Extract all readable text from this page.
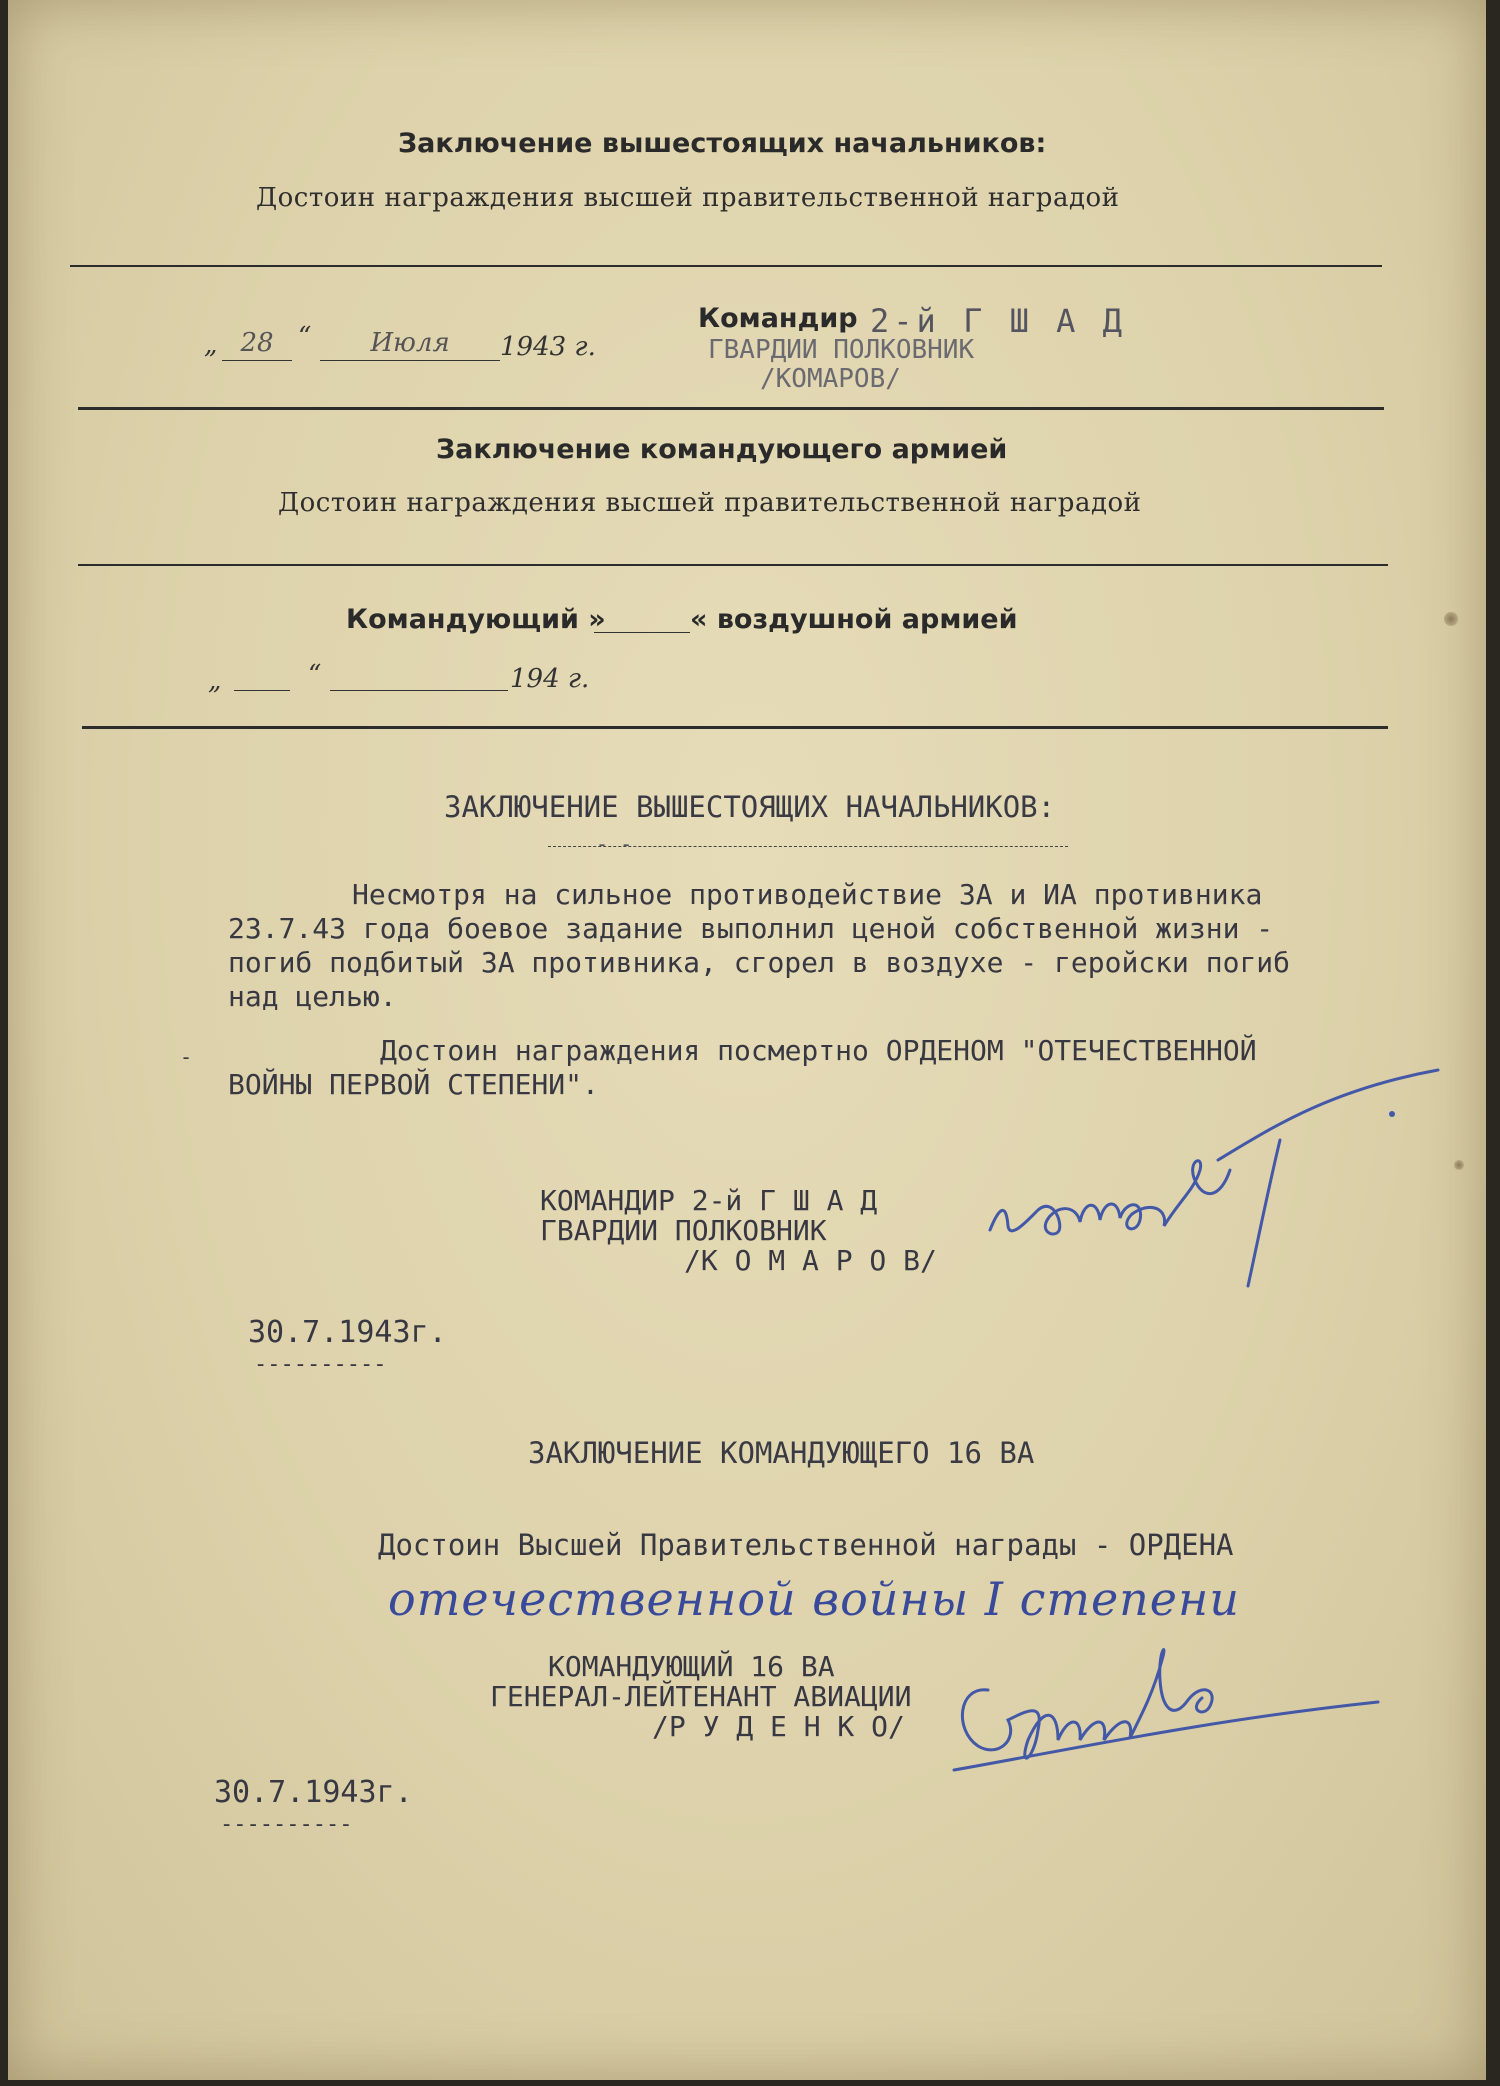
Заключение вышестоящих начальников:
Достоин награждения высшей правительственной наградой
„ 28 “	Июля	1943 г.
Командир 2-й Г Ш А Д
ГВАРДИИ ПОЛКОВНИК
/КОМАРОВ/
Заключение командующего армией
Достоин награждения высшей правительственной наградой
Командующий »	« воздушной армией
„	“	194 г.
ЗАКЛЮЧЕНИЕ ВЫШЕСТОЯЩИХ НАЧАЛЬНИКОВ:
- -
Несмотря на сильное противодействие ЗА и ИА противника
23.7.43 года боевое задание выполнил ценой собственной жизни -
погиб подбитый ЗА противника, сгорел в воздухе - геройски погиб
над целью.
-	Достоин награждения посмертно ОРДЕНОМ "ОТЕЧЕСТВЕННОЙ
ВОЙНЫ ПЕРВОЙ СТЕПЕНИ".
КОМАНДИР 2-й Г Ш А Д
ГВАРДИИ ПОЛКОВНИК
/К О М А Р О В/	Комаров
30.7.1943г.
----------
ЗАКЛЮЧЕНИЕ КОМАНДУЮЩЕГО 16 ВА
Достоин Высшей Правительственной награды - ОРДЕНА
отечественной войны I степени
КОМАНДУЮЩИЙ 16 ВА
ГЕНЕРАЛ-ЛЕЙТЕНАНТ АВИАЦИИ
/Р У Д Е Н К О/
СРуденко
30.7.1943г.
----------
